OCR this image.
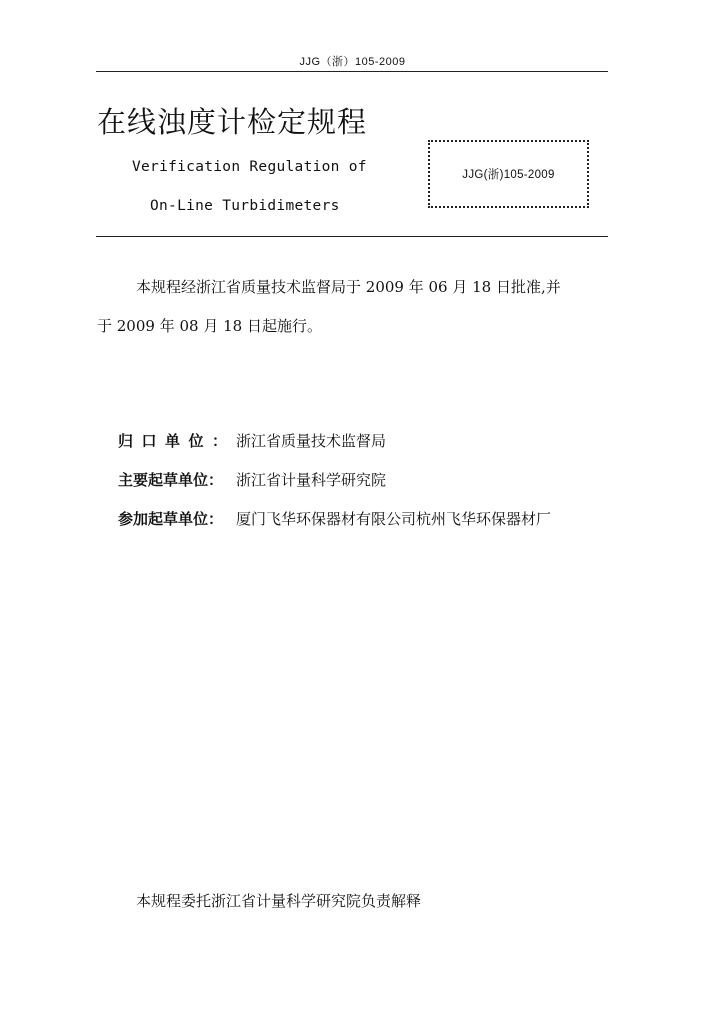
JJG（浙）105-2009
在线浊度计检定规程
Verification Regulation of
On-Line Turbidimeters
JJG(浙)105-2009
本规程经浙江省质量技术监督局于 2009 年 06 月 18 日批准,并
于 2009 年 08 月 18 日起施行。
归口单位： 浙江省质量技术监督局
主要起草单位： 浙江省计量科学研究院
参加起草单位： 厦门飞华环保器材有限公司杭州飞华环保器材厂
本规程委托浙江省计量科学研究院负责解释
